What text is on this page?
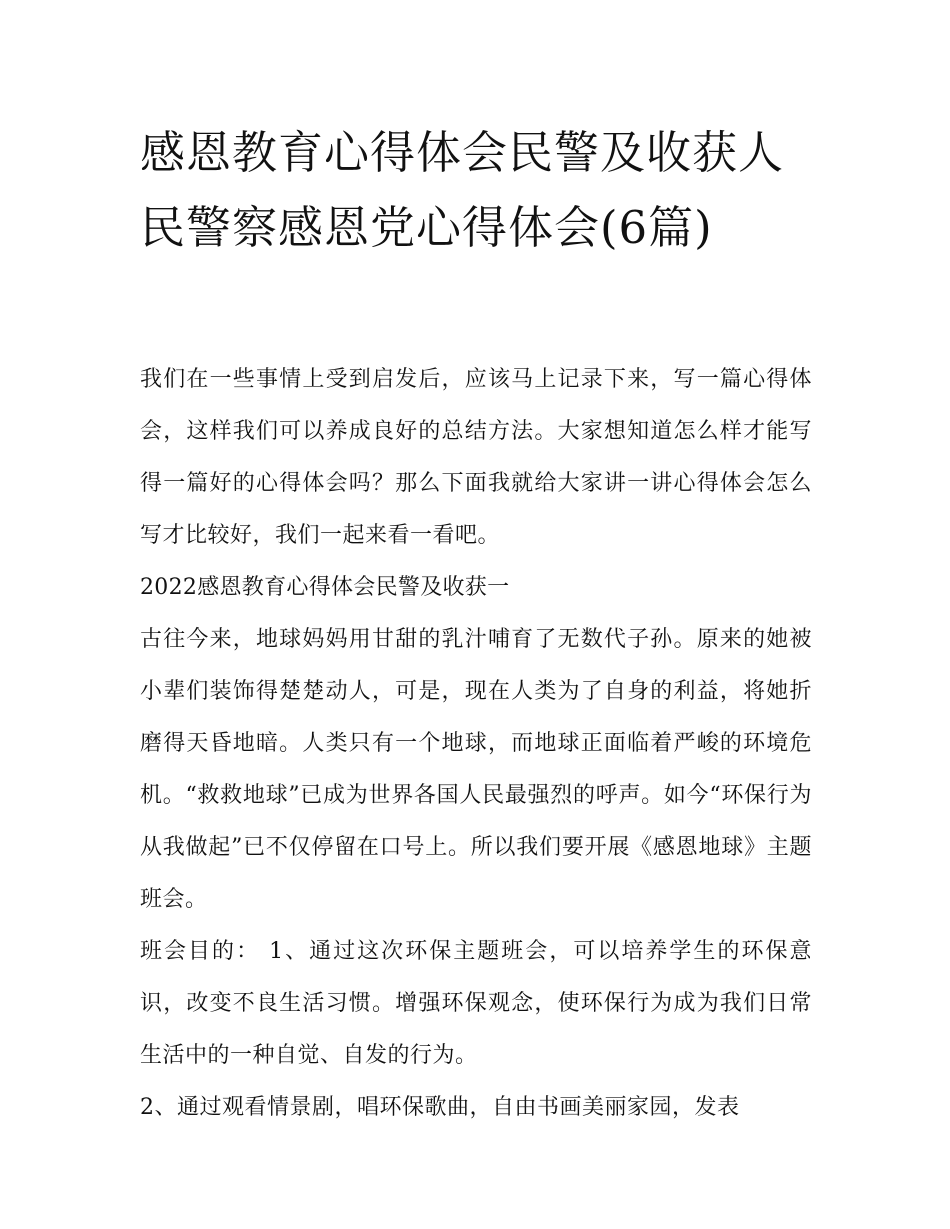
感恩教育心得体会民警及收获人民警察感恩党心得体会(6篇)

我们在一些事情上受到启发后，应该马上记录下来，写一篇心得体会，这样我们可以养成良好的总结方法。大家想知道怎么样才能写得一篇好的心得体会吗？那么下面我就给大家讲一讲心得体会怎么写才比较好，我们一起来看一看吧。

2022感恩教育心得体会民警及收获一

古往今来，地球妈妈用甘甜的乳汁哺育了无数代子孙。原来的她被小辈们装饰得楚楚动人，可是，现在人类为了自身的利益，将她折磨得天昏地暗。人类只有一个地球，而地球正面临着严峻的环境危机。“救救地球”已成为世界各国人民最强烈的呼声。如今“环保行为从我做起”已不仅停留在口号上。所以我们要开展《感恩地球》主题班会。

班会目的： 1、通过这次环保主题班会，可以培养学生的环保意识，改变不良生活习惯。增强环保观念，使环保行为成为我们日常生活中的一种自觉、自发的行为。

2、通过观看情景剧，唱环保歌曲，自由书画美丽家园，发表
